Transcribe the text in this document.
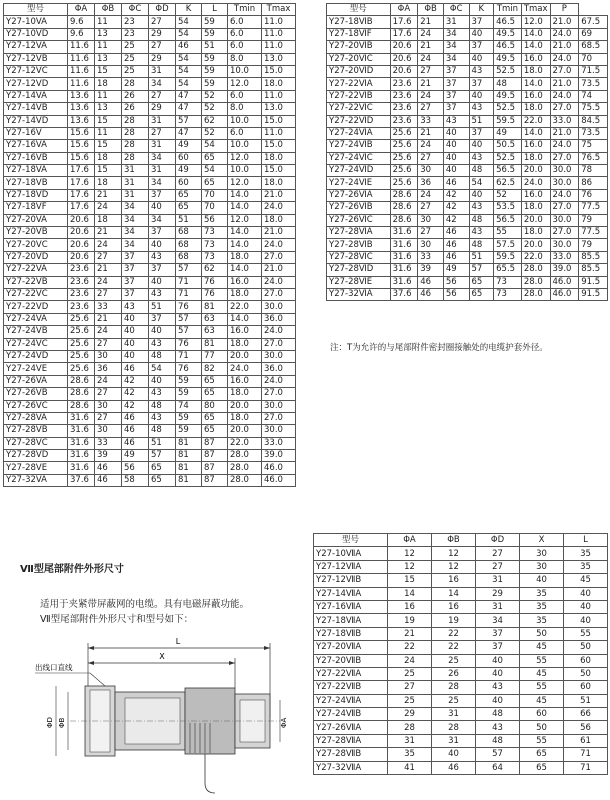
型号	ΦA	ΦB	ΦC	ΦD	K	L	Tmin	Tmax
Y27-10VA	9.6	11	23	27	54	59	6.0	11.0
Y27-10VD	9.6	13	23	29	54	59	6.0	11.0
Y27-12VA	11.6	11	25	27	46	51	6.0	11.0
Y27-12VB	11.6	13	25	29	54	59	8.0	13.0
Y27-12VC	11.6	15	25	31	54	59	10.0	15.0
Y27-12VD	11.6	18	28	34	54	59	12.0	18.0
Y27-14VA	13.6	11	26	27	47	52	6.0	11.0
Y27-14VB	13.6	13	26	29	47	52	8.0	13.0
Y27-14VD	13.6	15	28	31	57	62	10.0	15.0
Y27-16V	15.6	11	28	27	47	52	6.0	11.0
Y27-16VA	15.6	15	28	31	49	54	10.0	15.0
Y27-16VB	15.6	18	28	34	60	65	12.0	18.0
Y27-18VA	17.6	15	31	31	49	54	10.0	15.0
Y27-18VB	17.6	18	31	34	60	65	12.0	18.0
Y27-18VD	17.6	21	31	37	65	70	14.0	21.0
Y27-18VF	17.6	24	34	40	65	70	14.0	24.0
Y27-20VA	20.6	18	34	34	51	56	12.0	18.0
Y27-20VB	20.6	21	34	37	68	73	14.0	21.0
Y27-20VC	20.6	24	34	40	68	73	14.0	24.0
Y27-20VD	20.6	27	37	43	68	73	18.0	27.0
Y27-22VA	23.6	21	37	37	57	62	14.0	21.0
Y27-22VB	23.6	24	37	40	71	76	16.0	24.0
Y27-22VC	23.6	27	37	43	71	76	18.0	27.0
Y27-22VD	23.6	33	43	51	76	81	22.0	30.0
Y27-24VA	25.6	21	40	37	57	63	14.0	36.0
Y27-24VB	25.6	24	40	40	57	63	16.0	24.0
Y27-24VC	25.6	27	40	43	76	81	18.0	27.0
Y27-24VD	25.6	30	40	48	71	77	20.0	30.0
Y27-24VE	25.6	36	46	54	76	82	24.0	36.0
Y27-26VA	28.6	24	42	40	59	65	16.0	24.0
Y27-26VB	28.6	27	42	43	59	65	18.0	27.0
Y27-26VC	28.6	30	42	48	74	80	20.0	30.0
Y27-28VA	31.6	27	46	43	59	65	18.0	27.0
Y27-28VB	31.6	30	46	48	59	65	20.0	30.0
Y27-28VC	31.6	33	46	51	81	87	22.0	33.0
Y27-28VD	31.6	39	49	57	81	87	28.0	39.0
Y27-28VE	31.6	46	56	65	81	87	28.0	46.0
Y27-32VA	37.6	46	58	65	81	87	28.0	46.0
型号	ΦA	ΦB	ΦC	K	Tmin	Tmax	P	
Y27-18ⅥB	17.6	21	31	37	46.5	12.0	21.0	67.5
Y27-18ⅥF	17.6	24	34	40	49.5	14.0	24.0	69
Y27-20ⅥB	20.6	21	34	37	46.5	14.0	21.0	68.5
Y27-20ⅥC	20.6	24	34	40	49.5	16.0	24.0	70
Y27-20ⅥD	20.6	27	37	43	52.5	18.0	27.0	71.5
Y27-22ⅥA	23.6	21	37	37	48	14.0	21.0	73.5
Y27-22ⅥB	23.6	24	37	40	49.5	16.0	24.0	74
Y27-22ⅥC	23.6	27	37	43	52.5	18.0	27.0	75.5
Y27-22ⅥD	23.6	33	43	51	59.5	22.0	33.0	84.5
Y27-24ⅥA	25.6	21	40	37	49	14.0	21.0	73.5
Y27-24ⅥB	25.6	24	40	40	50.5	16.0	24.0	75
Y27-24ⅥC	25.6	27	40	43	52.5	18.0	27.0	76.5
Y27-24ⅥD	25.6	30	40	48	56.5	20.0	30.0	78
Y27-24ⅥE	25.6	36	46	54	62.5	24.0	30.0	86
Y27-26ⅥA	28.6	24	42	40	52	16.0	24.0	76
Y27-26ⅥB	28.6	27	42	43	53.5	18.0	27.0	77.5
Y27-26ⅥC	28.6	30	42	48	56.5	20.0	30.0	79
Y27-28ⅥA	31.6	27	46	43	55	18.0	27.0	77.5
Y27-28ⅥB	31.6	30	46	48	57.5	20.0	30.0	79
Y27-28ⅥC	31.6	33	46	51	59.5	22.0	33.0	85.5
Y27-28ⅥD	31.6	39	49	57	65.5	28.0	39.0	85.5
Y27-28ⅥE	31.6	46	56	65	73	28.0	46.0	91.5
Y27-32ⅥA	37.6	46	56	65	73	28.0	46.0	91.5
注：T为允许的与尾部附件密封圈接触处的电缆护套外径。
Ⅶ型尾部附件外形尺寸
适用于夹紧带屏蔽网的电缆。具有电磁屏蔽功能。
Ⅶ型尾部附件外形尺寸和型号如下：
L
X
出线口直线
ΦD ΦB	ΦA
型号	ΦA	ΦB	ΦD	X	L
Y27-10ⅦA	12	12	27	30	35
Y27-12ⅦA	12	12	27	30	35
Y27-12ⅦB	15	16	31	40	45
Y27-14ⅦA	14	14	29	35	40
Y27-16ⅦA	16	16	31	35	40
Y27-18ⅦA	19	19	34	35	40
Y27-18ⅦB	21	22	37	50	55
Y27-20ⅦA	22	22	37	45	50
Y27-20ⅦB	24	25	40	55	60
Y27-22ⅦA	25	26	40	45	50
Y27-22ⅦB	27	28	43	55	60
Y27-24ⅦA	25	25	40	45	51
Y27-24ⅦB	29	31	48	60	66
Y27-26ⅦA	28	28	43	50	56
Y27-28ⅦA	31	31	48	55	61
Y27-28ⅦB	35	40	57	65	71
Y27-32ⅦA	41	46	64	65	71
